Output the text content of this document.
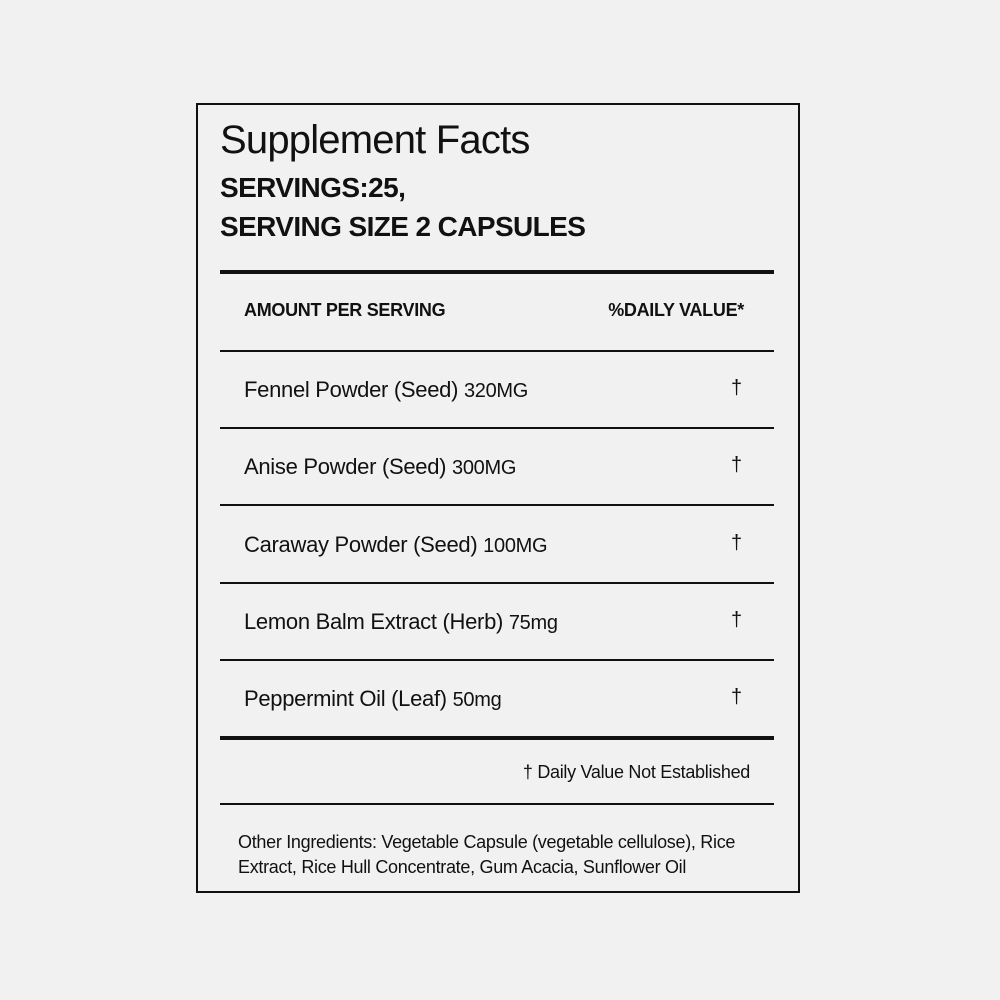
Supplement Facts
SERVINGS:25,
SERVING SIZE 2 CAPSULES
AMOUNT PER SERVING	%DAILY VALUE*
Fennel Powder (Seed) 320MG	†
Anise Powder (Seed) 300MG	†
Caraway Powder (Seed) 100MG	†
Lemon Balm Extract (Herb) 75mg	†
Peppermint Oil (Leaf) 50mg	†
† Daily Value Not Established
Other Ingredients: Vegetable Capsule (vegetable cellulose), Rice Extract, Rice Hull Concentrate, Gum Acacia, Sunflower Oil
